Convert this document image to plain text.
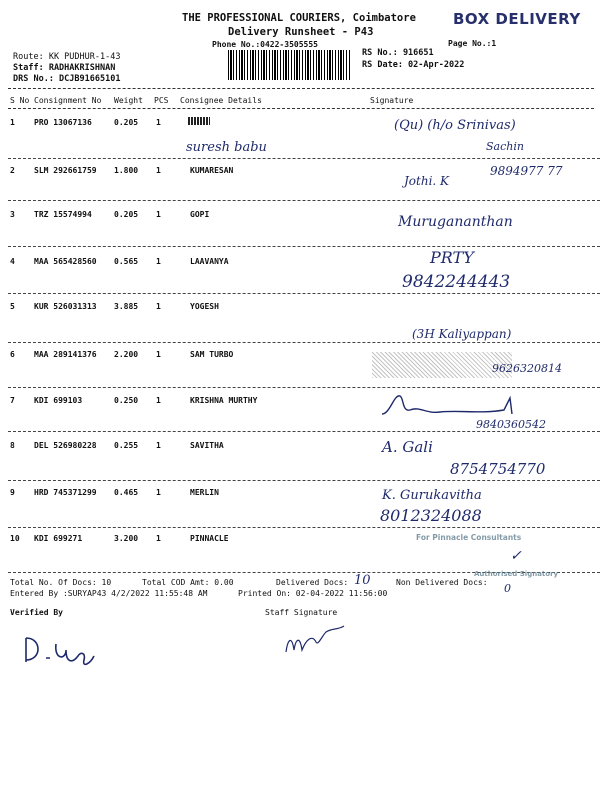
THE PROFESSIONAL COURIERS, Coimbatore
Delivery Runsheet - P43
Phone No.:0422-3505555
BOX DELIVERY
Page No.:1
Route: KK PUDHUR-1-43
Staff: RADHAKRISHNAN
DRS No.: DCJB91665101
RS No.: 916651
RS Date: 02-Apr-2022
S No Consignment No Weight PCS Consignee Details	Signature
1 PRO 13067136	0.205 1
suresh babu
(Qu) (h/o Srinivas)
Sachin
2 SLM 292661759 1.800 1	KUMARESAN
Jothi. K
9894977 77
3 TRZ 15574994	0.205 1	GOPI	Murugananthan
4 MAA 565428560 0.565 1	LAAVANYA	PRTY
9842244443
5 KUR 526031313 3.885 1	YOGESH
(3H Kaliyappan)
6 MAA 289141376 2.200 1	SAM TURBO
9626320814
7 KDI 699103	0.250 1	KRISHNA MURTHY
9840360542
8 DEL 526980228 0.255 1	SAVITHA	A. Gali
8754754770
9 HRD 745371299 0.465 1	MERLIN	K. Gurukavitha
8012324088
10 KDI 699271	3.200 1	PINNACLE	For Pinnacle Consultants
✓
Total No. Of Docs: 10	Total COD Amt: 0.00	Delivered Docs: 10	Non Delivered Docs: 0
Authorised Signatory
Entered By :SURYAP43 4/2/2022 11:55:48 AM	Printed On: 02-04-2022 11:56:00
Verified By	Staff Signature
